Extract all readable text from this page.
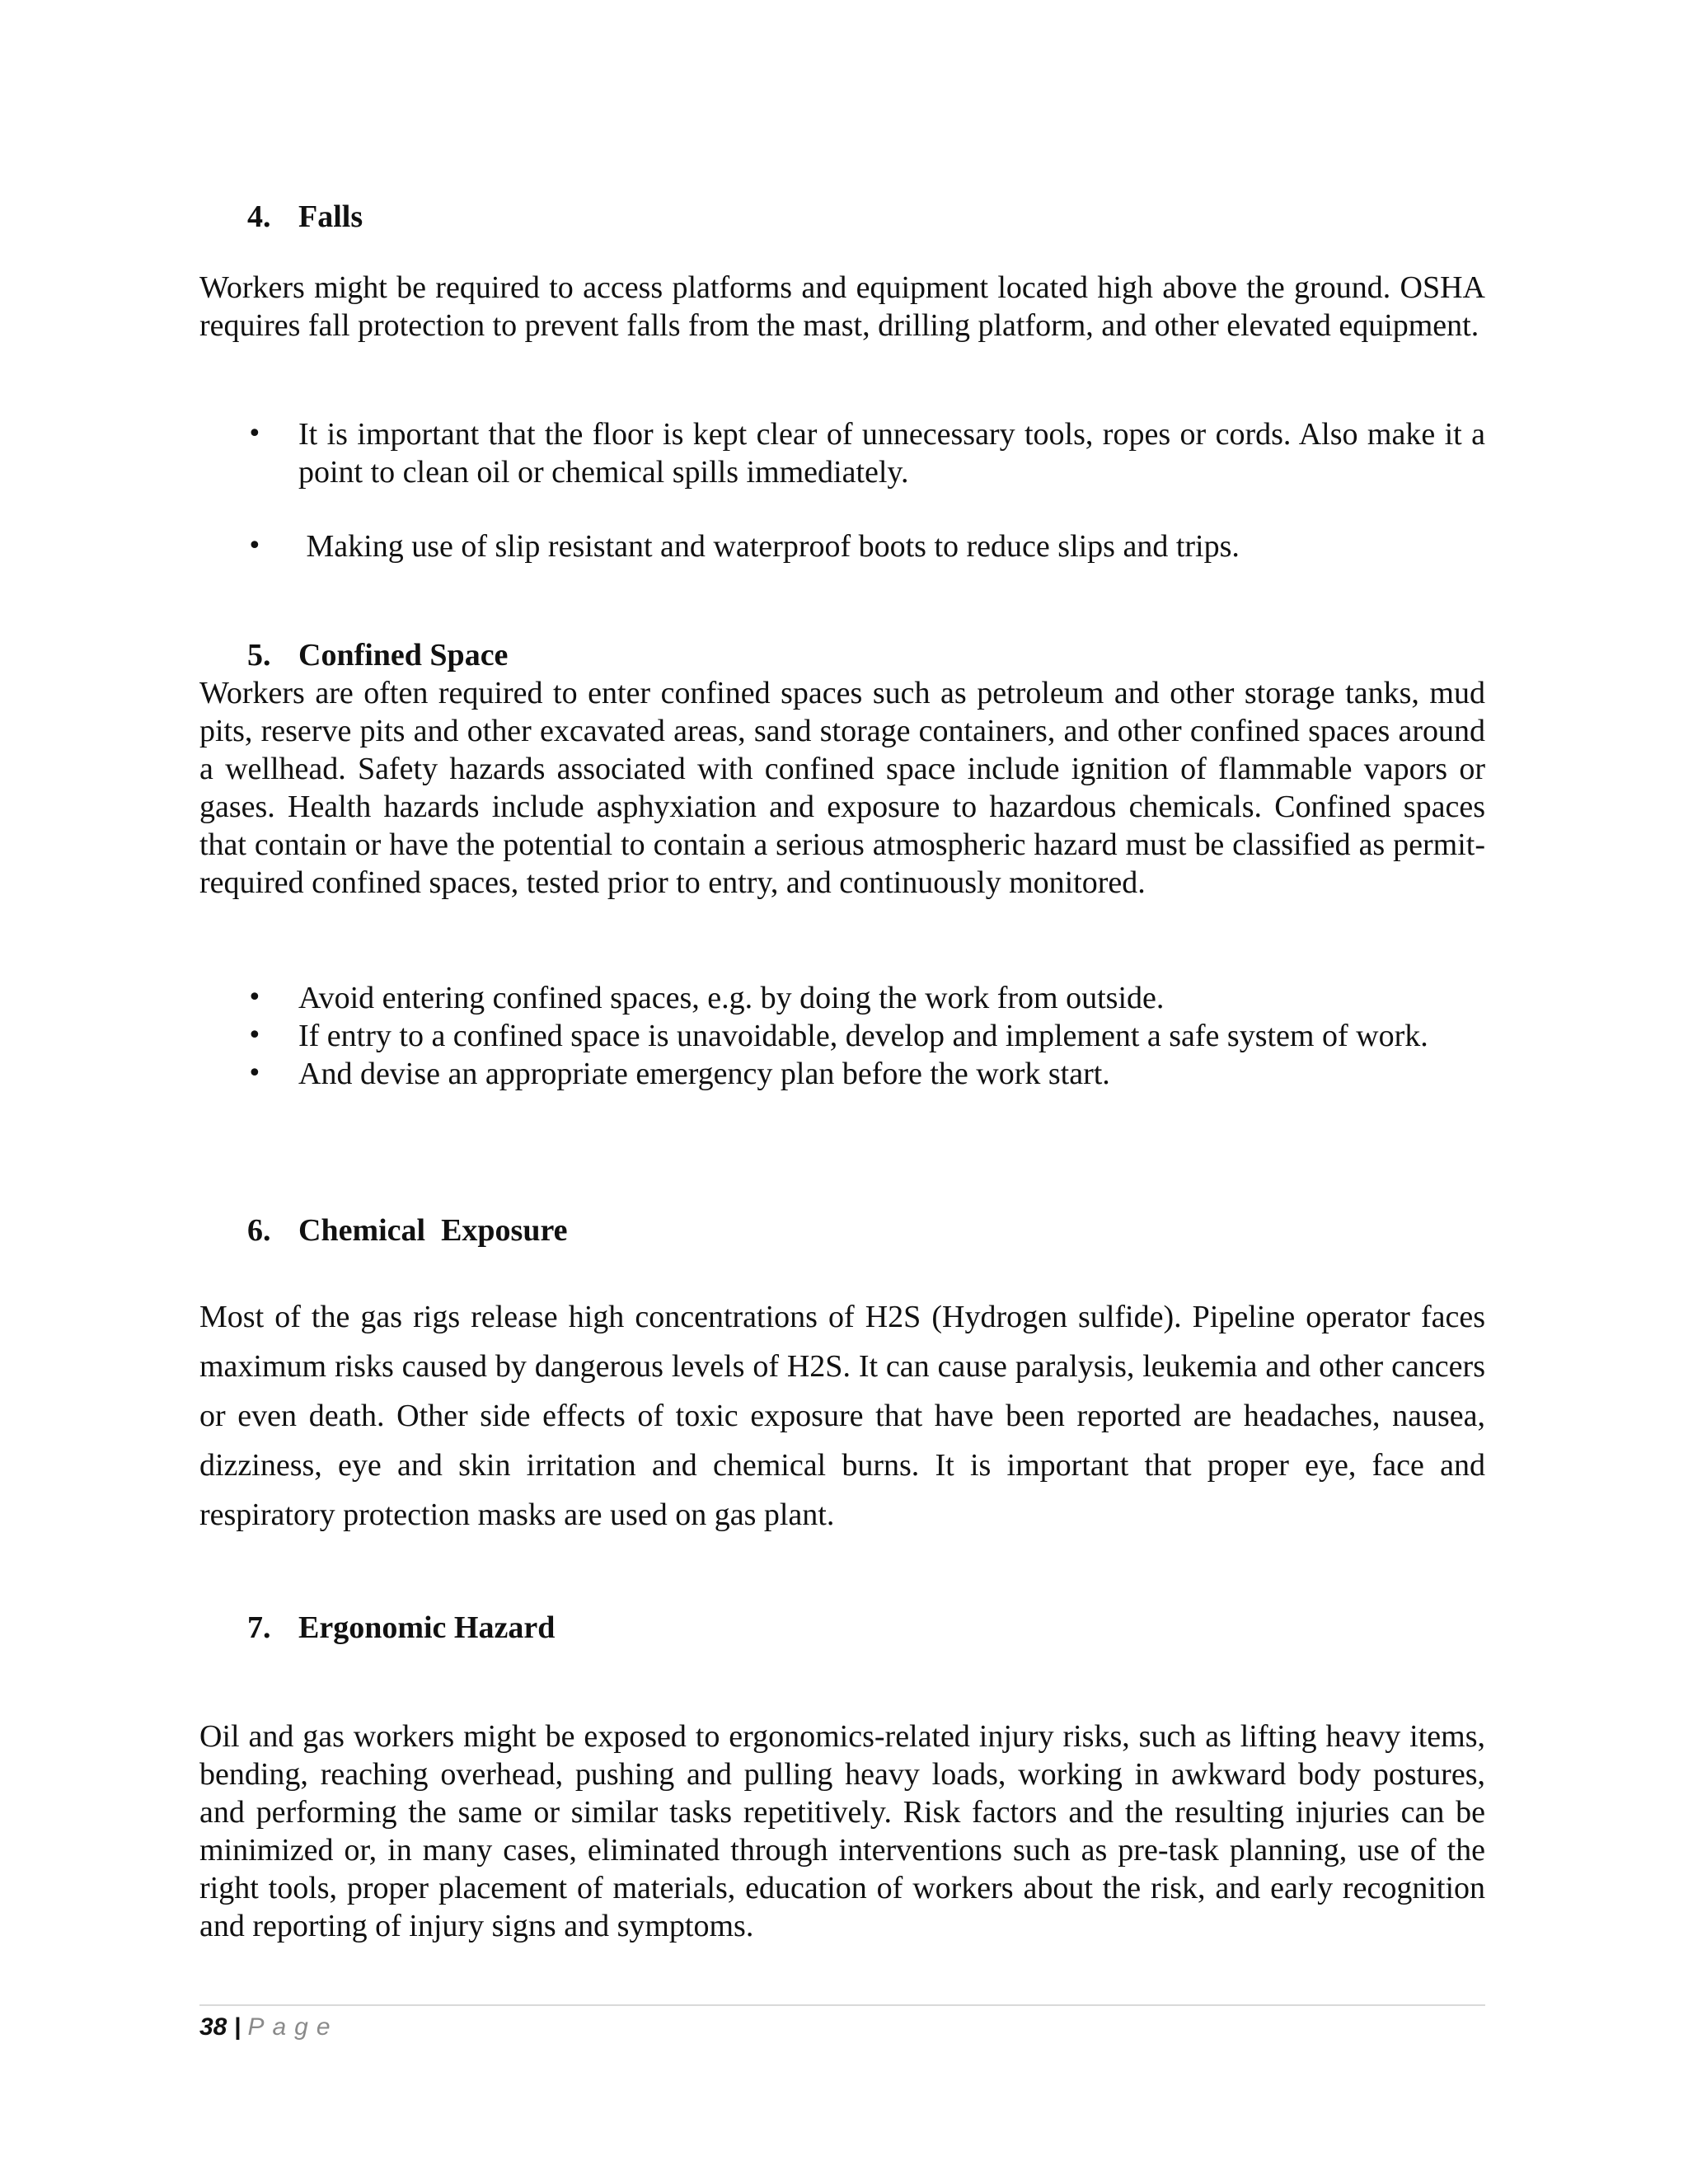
4. Falls

Workers might be required to access platforms and equipment located high above the ground. OSHA requires fall protection to prevent falls from the mast, drilling platform, and other elevated equipment.

• It is important that the floor is kept clear of unnecessary tools, ropes or cords. Also make it a point to clean oil or chemical spills immediately.
• Making use of slip resistant and waterproof boots to reduce slips and trips.
5. Confined Space

Workers are often required to enter confined spaces such as petroleum and other storage tanks, mud pits, reserve pits and other excavated areas, sand storage containers, and other confined spaces around a wellhead. Safety hazards associated with confined space include ignition of flammable vapors or gases. Health hazards include asphyxiation and exposure to hazardous chemicals. Confined spaces that contain or have the potential to contain a serious atmospheric hazard must be classified as permit-required confined spaces, tested prior to entry, and continuously monitored.

• Avoid entering confined spaces, e.g. by doing the work from outside.
• If entry to a confined space is unavoidable, develop and implement a safe system of work.
• And devise an appropriate emergency plan before the work start.
6. Chemical  Exposure

Most of the gas rigs release high concentrations of H2S (Hydrogen sulfide). Pipeline operator faces maximum risks caused by dangerous levels of H2S. It can cause paralysis, leukemia and other cancers or even death. Other side effects of toxic exposure that have been reported are headaches, nausea, dizziness, eye and skin irritation and chemical burns. It is important that proper eye, face and respiratory protection masks are used on gas plant.

7. Ergonomic Hazard

Oil and gas workers might be exposed to ergonomics-related injury risks, such as lifting heavy items, bending, reaching overhead, pushing and pulling heavy loads, working in awkward body postures, and performing the same or similar tasks repetitively. Risk factors and the resulting injuries can be minimized or, in many cases, eliminated through interventions such as pre-task planning, use of the right tools, proper placement of materials, education of workers about the risk, and early recognition and reporting of injury signs and symptoms.

38 | Page
